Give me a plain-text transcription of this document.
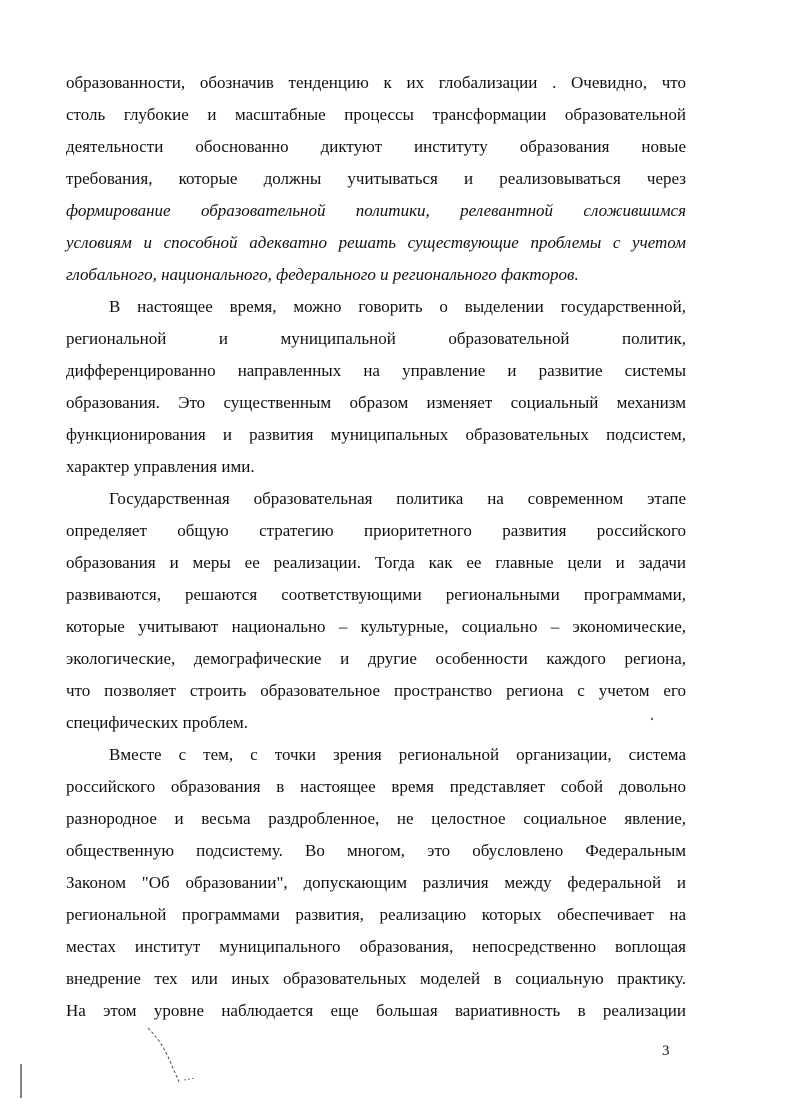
образованности, обозначив тенденцию к их глобализации . Очевидно, что
столь глубокие и масштабные процессы трансформации образовательной
деятельности обоснованно диктуют институту образования новые
требования, которые должны учитываться и реализовываться через
формирование образовательной политики, релевантной сложившимся
условиям и способной адекватно решать существующие проблемы с учетом
глобального, национального, федерального и регионального факторов.
В настоящее время, можно говорить о выделении государственной,
региональной и муниципальной образовательной политик,
дифференцированно направленных на управление и развитие системы
образования. Это существенным образом изменяет социальный механизм
функционирования и развития муниципальных образовательных подсистем,
характер управления ими.
Государственная образовательная политика на современном этапе
определяет общую стратегию приоритетного развития российского
образования и меры ее реализации. Тогда как ее главные цели и задачи
развиваются, решаются соответствующими региональными программами,
которые учитывают национально – культурные, социально – экономические,
экологические, демографические и другие особенности каждого региона,
что позволяет строить образовательное пространство региона с учетом его
специфических проблем.
Вместе с тем, с точки зрения региональной организации, система
российского образования в настоящее время представляет собой довольно
разнородное и весьма раздробленное, не целостное социальное явление,
общественную подсистему. Во многом, это обусловлено Федеральным
Законом "Об образовании", допускающим различия между федеральной и
региональной программами развития, реализацию которых обеспечивает на
местах институт муниципального образования, непосредственно воплощая
внедрение тех или иных образовательных моделей в социальную практику.
На этом уровне наблюдается еще большая вариативность в реализации
3
